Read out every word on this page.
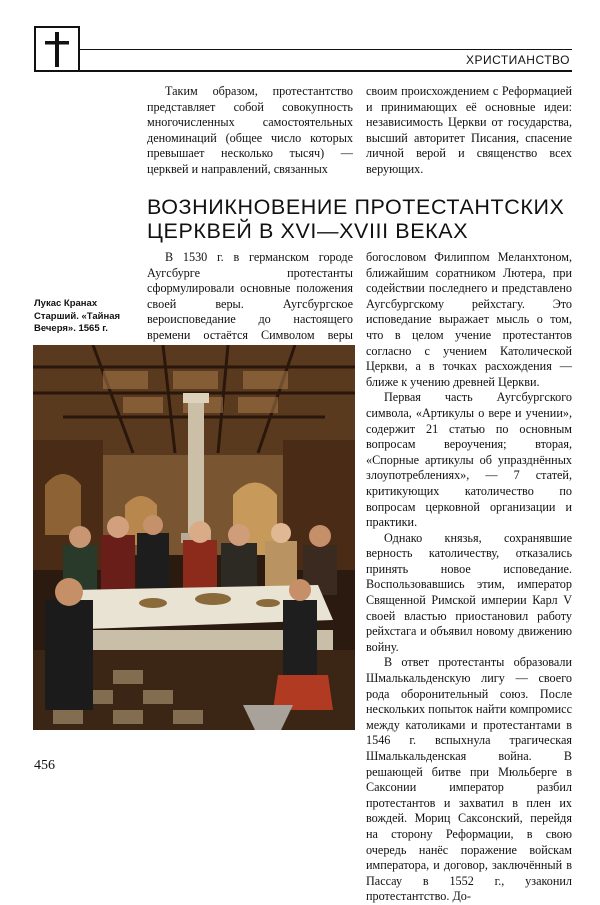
ХРИСТИАНСТВО

Таким образом, протестантство представляет собой совокупность многочисленных самостоятельных деноминаций (общее число которых превышает несколько тысяч) — церквей и направлений, связанных

своим происхождением с Реформацией и принимающих её основные идеи: независимость Церкви от государства, высший авторитет Писания, спасение личной верой и священство всех верующих.

ВОЗНИКНОВЕНИЕ ПРОТЕСТАНТСКИХ ЦЕРКВЕЙ В XVI—XVIII ВЕКАХ

В 1530 г. в германском городе Аугсбурге протестанты сформулировали основные положения своей веры. Аугсбургское вероисповедание до настоящего времени остаётся Символом веры

Лукас Кранах Старший. «Тайная Вечеря». 1565 г.

богословом Филиппом Меланхтоном, ближайшим соратником Лютера, при содействии последнего и представлено Аугсбургскому рейхстагу. Это исповедание выражает мысль о том, что в целом учение протестантов согласно с учением Католической Церкви, а в точках расхождения — ближе к учению древней Церкви.

Первая часть Аугсбургского символа, «Артикулы о вере и учении», содержит 21 статью по основным вопросам вероучения; вторая, «Спорные артикулы об упразднённых злоупотреблениях», — 7 статей, критикующих католичество по вопросам церковной организации и практики.

Однако князья, сохранявшие верность католичеству, отказались принять новое исповедание. Воспользовавшись этим, император Священной Римской империи Карл V своей властью приостановил работу рейхстага и объявил новому движению войну.

В ответ протестанты образовали Шмалькальденскую лигу — своего рода оборонительный союз. После нескольких попыток найти компромисс между католиками и протестантами в 1546 г. вспыхнула трагическая Шмалькальденская война. В решающей битве при Мюльберге в Саксонии император разбил протестантов и захватил в плен их вождей. Мориц Саксонский, перейдя на сторону Реформации, в свою очередь нанёс поражение войскам императора, и договор, заключённый в Пассау в 1552 г., узаконил протестантство. До-

456
